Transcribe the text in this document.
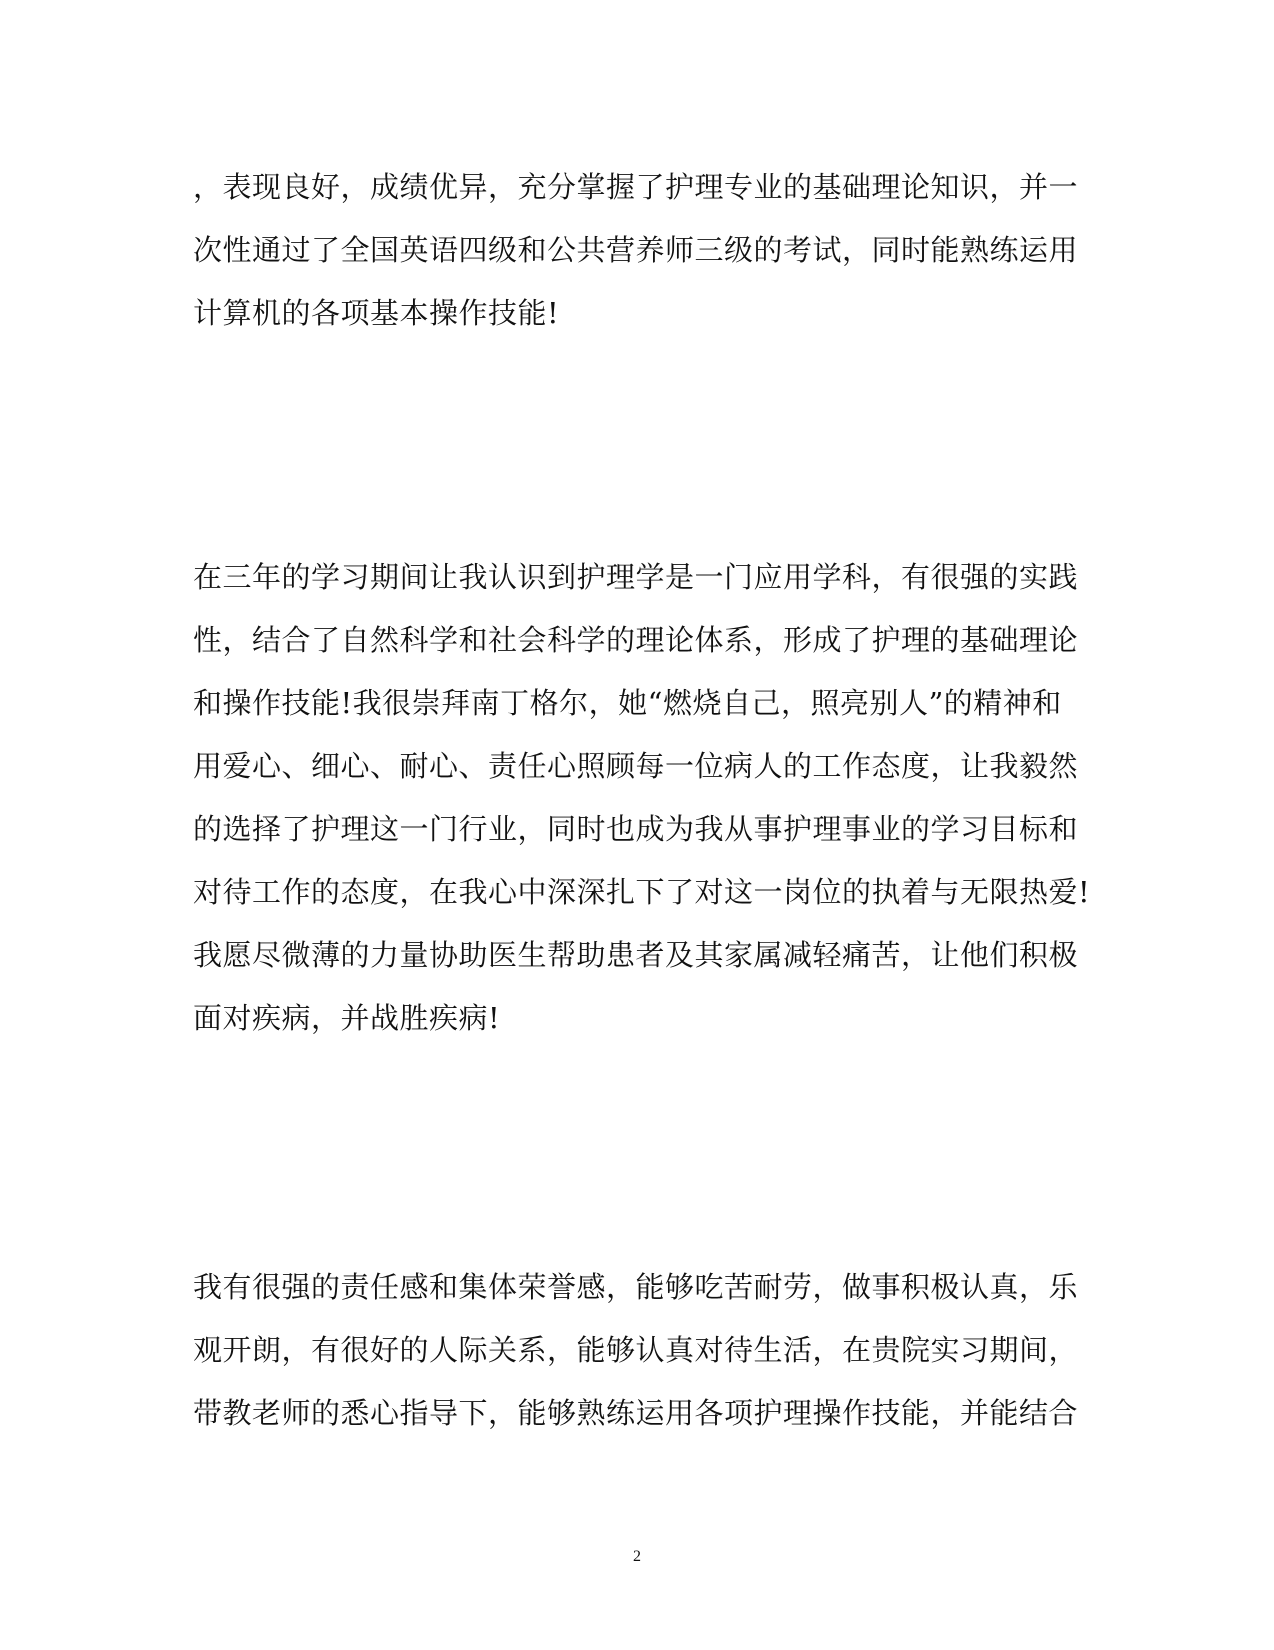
，表现良好，成绩优异，充分掌握了护理专业的基础理论知识，并一
次性通过了全国英语四级和公共营养师三级的考试，同时能熟练运用
计算机的各项基本操作技能!
在三年的学习期间让我认识到护理学是一门应用学科，有很强的实践
性，结合了自然科学和社会科学的理论体系，形成了护理的基础理论
和操作技能!我很崇拜南丁格尔，她“燃烧自己，照亮别人”的精神和
用爱心、细心、耐心、责任心照顾每一位病人的工作态度，让我毅然
的选择了护理这一门行业，同时也成为我从事护理事业的学习目标和
对待工作的态度，在我心中深深扎下了对这一岗位的执着与无限热爱!
我愿尽微薄的力量协助医生帮助患者及其家属减轻痛苦，让他们积极
面对疾病，并战胜疾病!
我有很强的责任感和集体荣誉感，能够吃苦耐劳，做事积极认真，乐
观开朗，有很好的人际关系，能够认真对待生活，在贵院实习期间，
带教老师的悉心指导下，能够熟练运用各项护理操作技能，并能结合
2
